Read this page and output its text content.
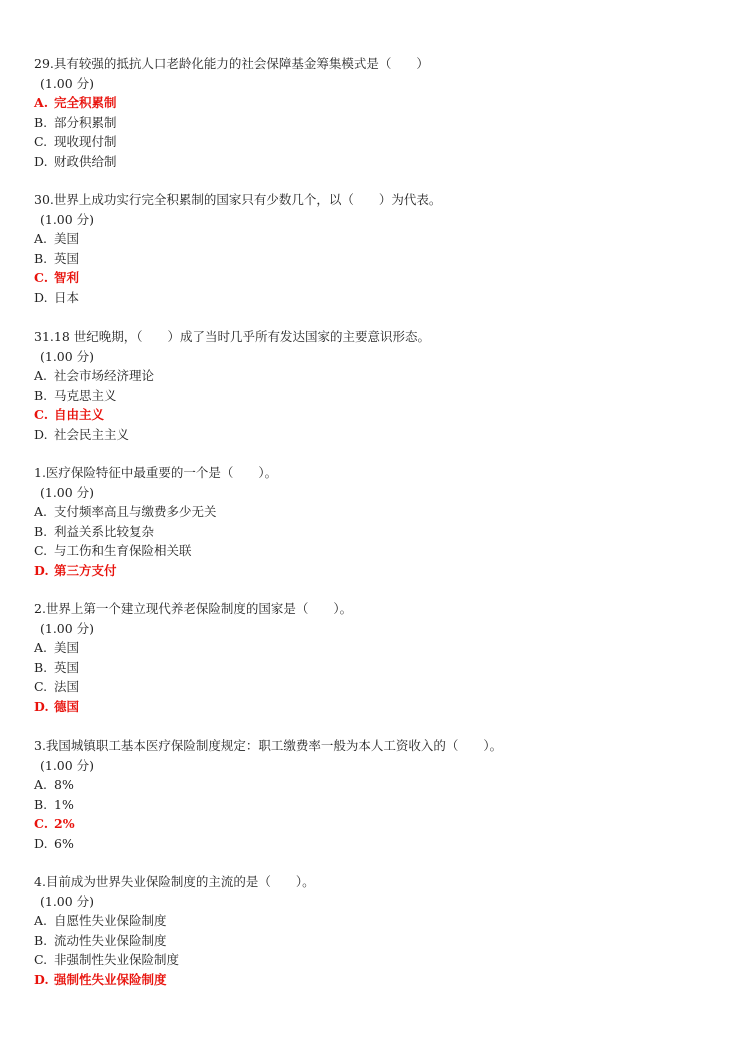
29.具有较强的抵抗人口老龄化能力的社会保障基金筹集模式是（　　）
(1.00 分)
A. 完全积累制
B. 部分积累制
C. 现收现付制
D. 财政供给制
30.世界上成功实行完全积累制的国家只有少数几个，以（　　）为代表。
(1.00 分)
A. 美国
B. 英国
C. 智利
D. 日本
31.18 世纪晚期，（　　）成了当时几乎所有发达国家的主要意识形态。
(1.00 分)
A. 社会市场经济理论
B. 马克思主义
C. 自由主义
D. 社会民主主义
1.医疗保险特征中最重要的一个是（　　）。
(1.00 分)
A. 支付频率高且与缴费多少无关
B. 利益关系比较复杂
C. 与工伤和生育保险相关联
D. 第三方支付
2.世界上第一个建立现代养老保险制度的国家是（　　）。
(1.00 分)
A. 美国
B. 英国
C. 法国
D. 德国
3.我国城镇职工基本医疗保险制度规定：职工缴费率一般为本人工资收入的（　　）。
(1.00 分)
A. 8%
B. 1%
C. 2%
D. 6%
4.目前成为世界失业保险制度的主流的是（　　）。
(1.00 分)
A. 自愿性失业保险制度
B. 流动性失业保险制度
C. 非强制性失业保险制度
D. 强制性失业保险制度
